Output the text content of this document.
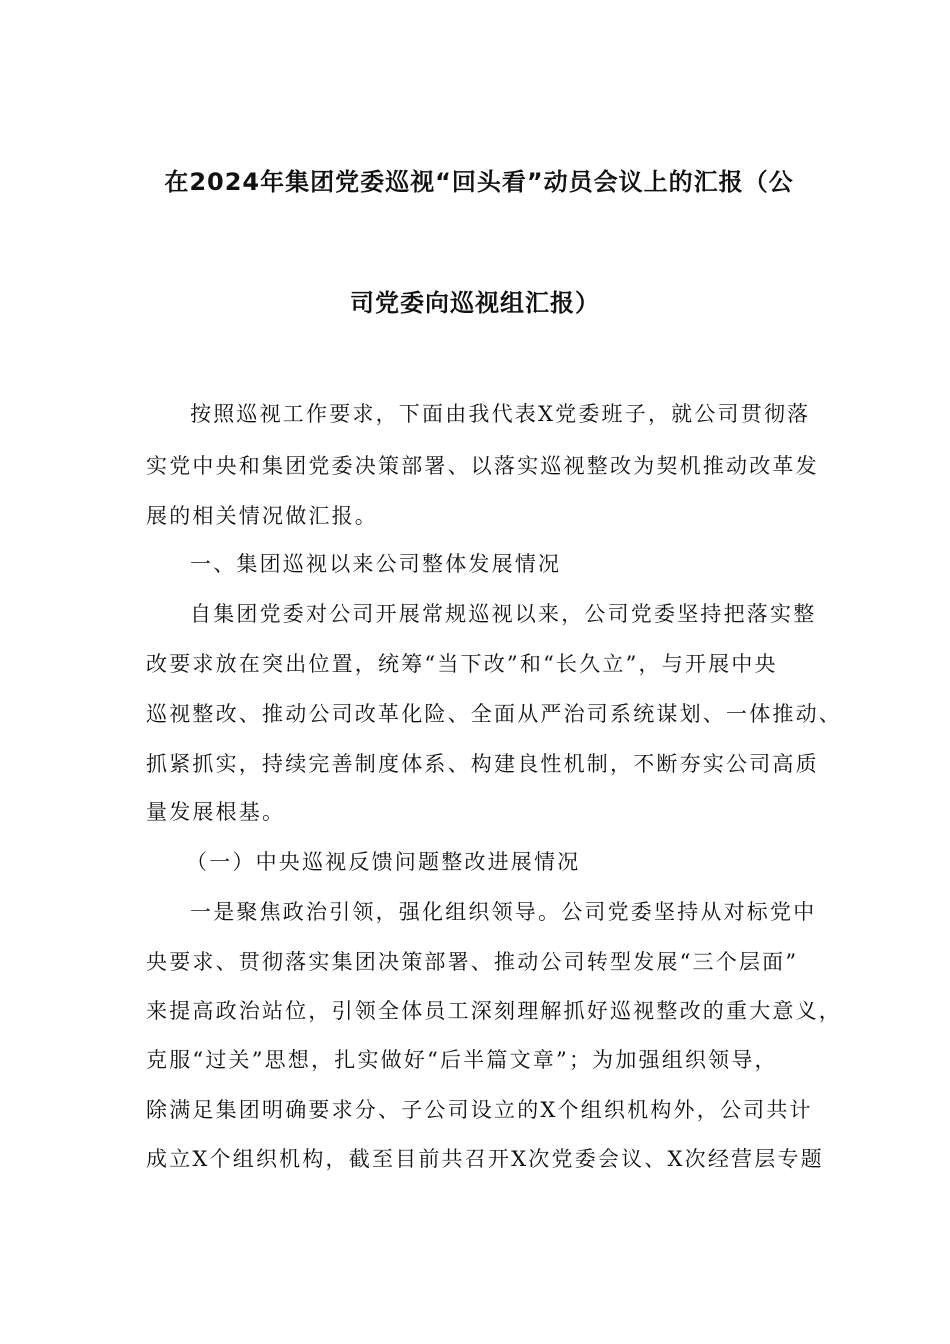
在2024年集团党委巡视“回头看”动员会议上的汇报（公
司党委向巡视组汇报）
按照巡视工作要求，下面由我代表X党委班子，就公司贯彻落
实党中央和集团党委决策部署、以落实巡视整改为契机推动改革发
展的相关情况做汇报。
一、集团巡视以来公司整体发展情况
自集团党委对公司开展常规巡视以来，公司党委坚持把落实整
改要求放在突出位置，统筹“当下改”和“长久立”，与开展中央
巡视整改、推动公司改革化险、全面从严治司系统谋划、一体推动、
抓紧抓实，持续完善制度体系、构建良性机制，不断夯实公司高质
量发展根基。
（一）中央巡视反馈问题整改进展情况
一是聚焦政治引领，强化组织领导。公司党委坚持从对标党中
央要求、贯彻落实集团决策部署、推动公司转型发展“三个层面”
来提高政治站位，引领全体员工深刻理解抓好巡视整改的重大意义，
克服“过关”思想，扎实做好“后半篇文章”；为加强组织领导，
除满足集团明确要求分、子公司设立的X个组织机构外，公司共计
成立X个组织机构，截至目前共召开X次党委会议、X次经营层专题
